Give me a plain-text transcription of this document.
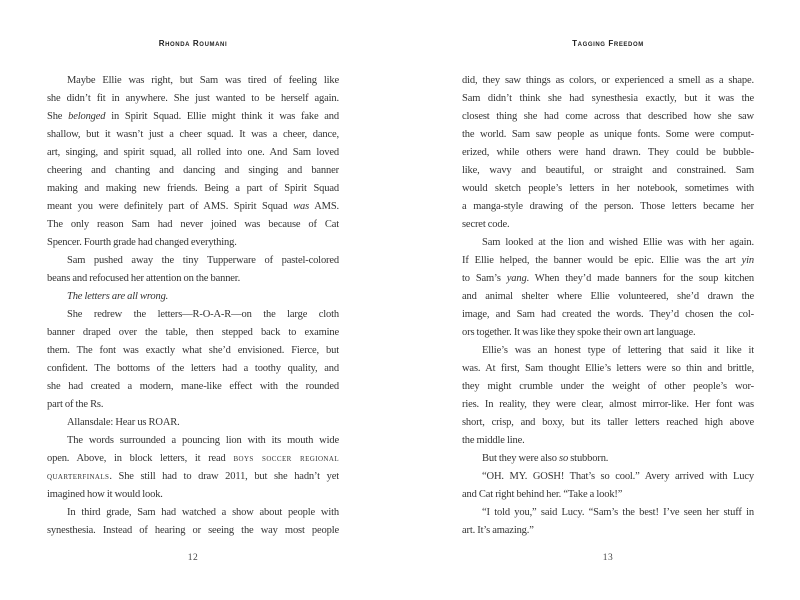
Rhonda Roumani
Maybe Ellie was right, but Sam was tired of feeling like
she didn’t fit in anywhere. She just wanted to be herself again.
She belonged in Spirit Squad. Ellie might think it was fake and
shallow, but it wasn’t just a cheer squad. It was a cheer, dance,
art, singing, and spirit squad, all rolled into one. And Sam loved
cheering and chanting and dancing and singing and banner
making and making new friends. Being a part of Spirit Squad
meant you were definitely part of AMS. Spirit Squad was AMS.
The only reason Sam had never joined was because of Cat
Spencer. Fourth grade had changed everything.
Sam pushed away the tiny Tupperware of pastel-colored
beans and refocused her attention on the banner.
The letters are all wrong.
She redrew the letters—R-O-A-R—on the large cloth
banner draped over the table, then stepped back to examine
them. The font was exactly what she’d envisioned. Fierce, but
confident. The bottoms of the letters had a toothy quality, and
she had created a modern, mane-like effect with the rounded
part of the Rs.
Allansdale: Hear us ROAR.
The words surrounded a pouncing lion with its mouth wide
open. Above, in block letters, it read boys soccer regional
quarterfinals. She still had to draw 2011, but she hadn’t yet
imagined how it would look.
In third grade, Sam had watched a show about people with
synesthesia. Instead of hearing or seeing the way most people
12
Tagging Freedom
did, they saw things as colors, or experienced a smell as a shape.
Sam didn’t think she had synesthesia exactly, but it was the
closest thing she had come across that described how she saw
the world. Sam saw people as unique fonts. Some were comput-
erized, while others were hand drawn. They could be bubble-
like, wavy and beautiful, or straight and constrained. Sam
would sketch people’s letters in her notebook, sometimes with
a manga-style drawing of the person. Those letters became her
secret code.
Sam looked at the lion and wished Ellie was with her again.
If Ellie helped, the banner would be epic. Ellie was the art yin
to Sam’s yang. When they’d made banners for the soup kitchen
and animal shelter where Ellie volunteered, she’d drawn the
image, and Sam had created the words. They’d chosen the col-
ors together. It was like they spoke their own art language.
Ellie’s was an honest type of lettering that said it like it
was. At first, Sam thought Ellie’s letters were so thin and brittle,
they might crumble under the weight of other people’s wor-
ries. In reality, they were clear, almost mirror-like. Her font was
short, crisp, and boxy, but its taller letters reached high above
the middle line.
But they were also so stubborn.
“OH. MY. GOSH! That’s so cool.” Avery arrived with Lucy
and Cat right behind her. “Take a look!”
“I told you,” said Lucy. “Sam’s the best! I’ve seen her stuff in
art. It’s amazing.”
13
